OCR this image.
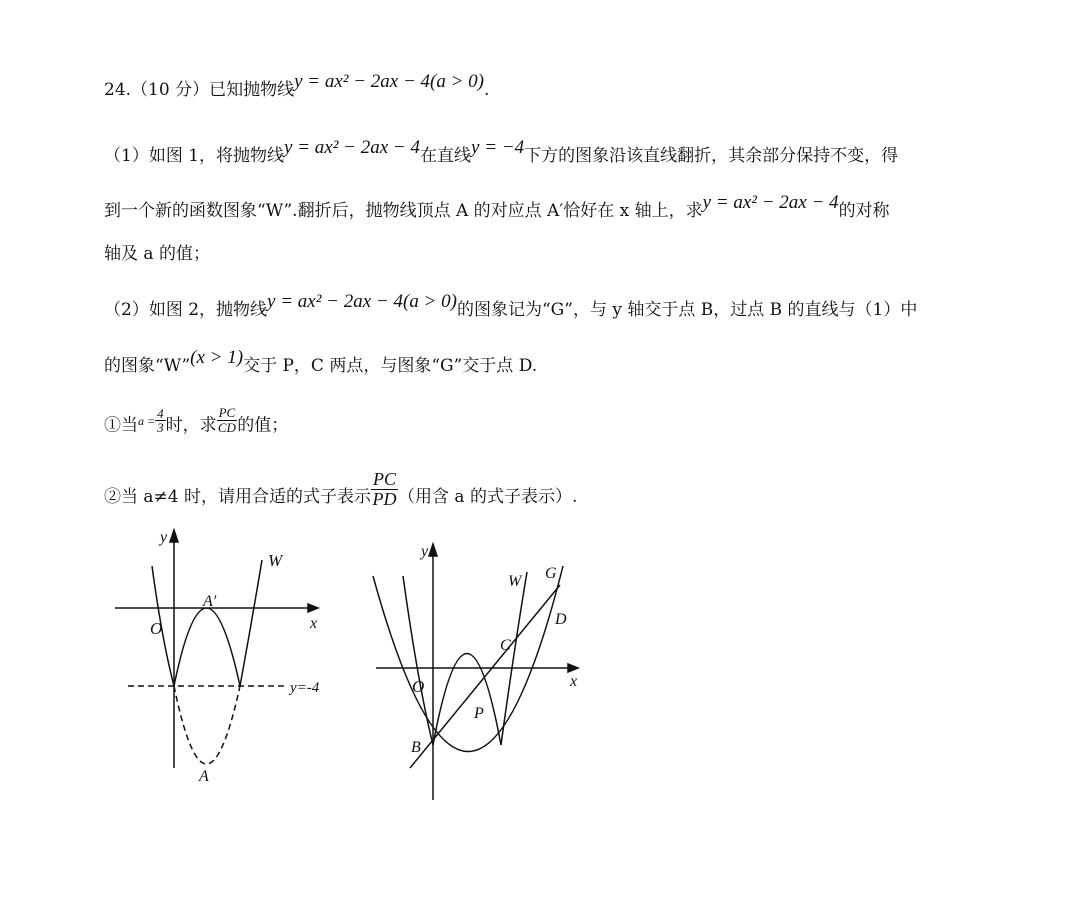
24.（10 分）已知抛物线y = ax² − 2ax − 4(a > 0).
（1）如图 1，将抛物线y = ax² − 2ax − 4在直线y = −4下方的图象沿该直线翻折，其余部分保持不变，得
到一个新的函数图象“W”.翻折后，抛物线顶点 A 的对应点 A′恰好在 x 轴上，求y = ax² − 2ax − 4的对称
轴及 a 的值；
（2）如图 2，抛物线y = ax² − 2ax − 4(a > 0)的图象记为“G”，与 y 轴交于点 B，过点 B 的直线与（1）中
的图象“W”(x > 1)交于 P，C 两点，与图象“G”交于点 D.
①当 $a = \frac{4}{3}$ 时，求 $\frac{PC}{CD}$ 的值；
②当 a≠4 时，请用合适的式子表示 $\frac{PC}{PD}$ （用含 a 的式子表示）.
y
x
O
W
A′
A
y=-4
y
x
O
W G
B
P
C
D
